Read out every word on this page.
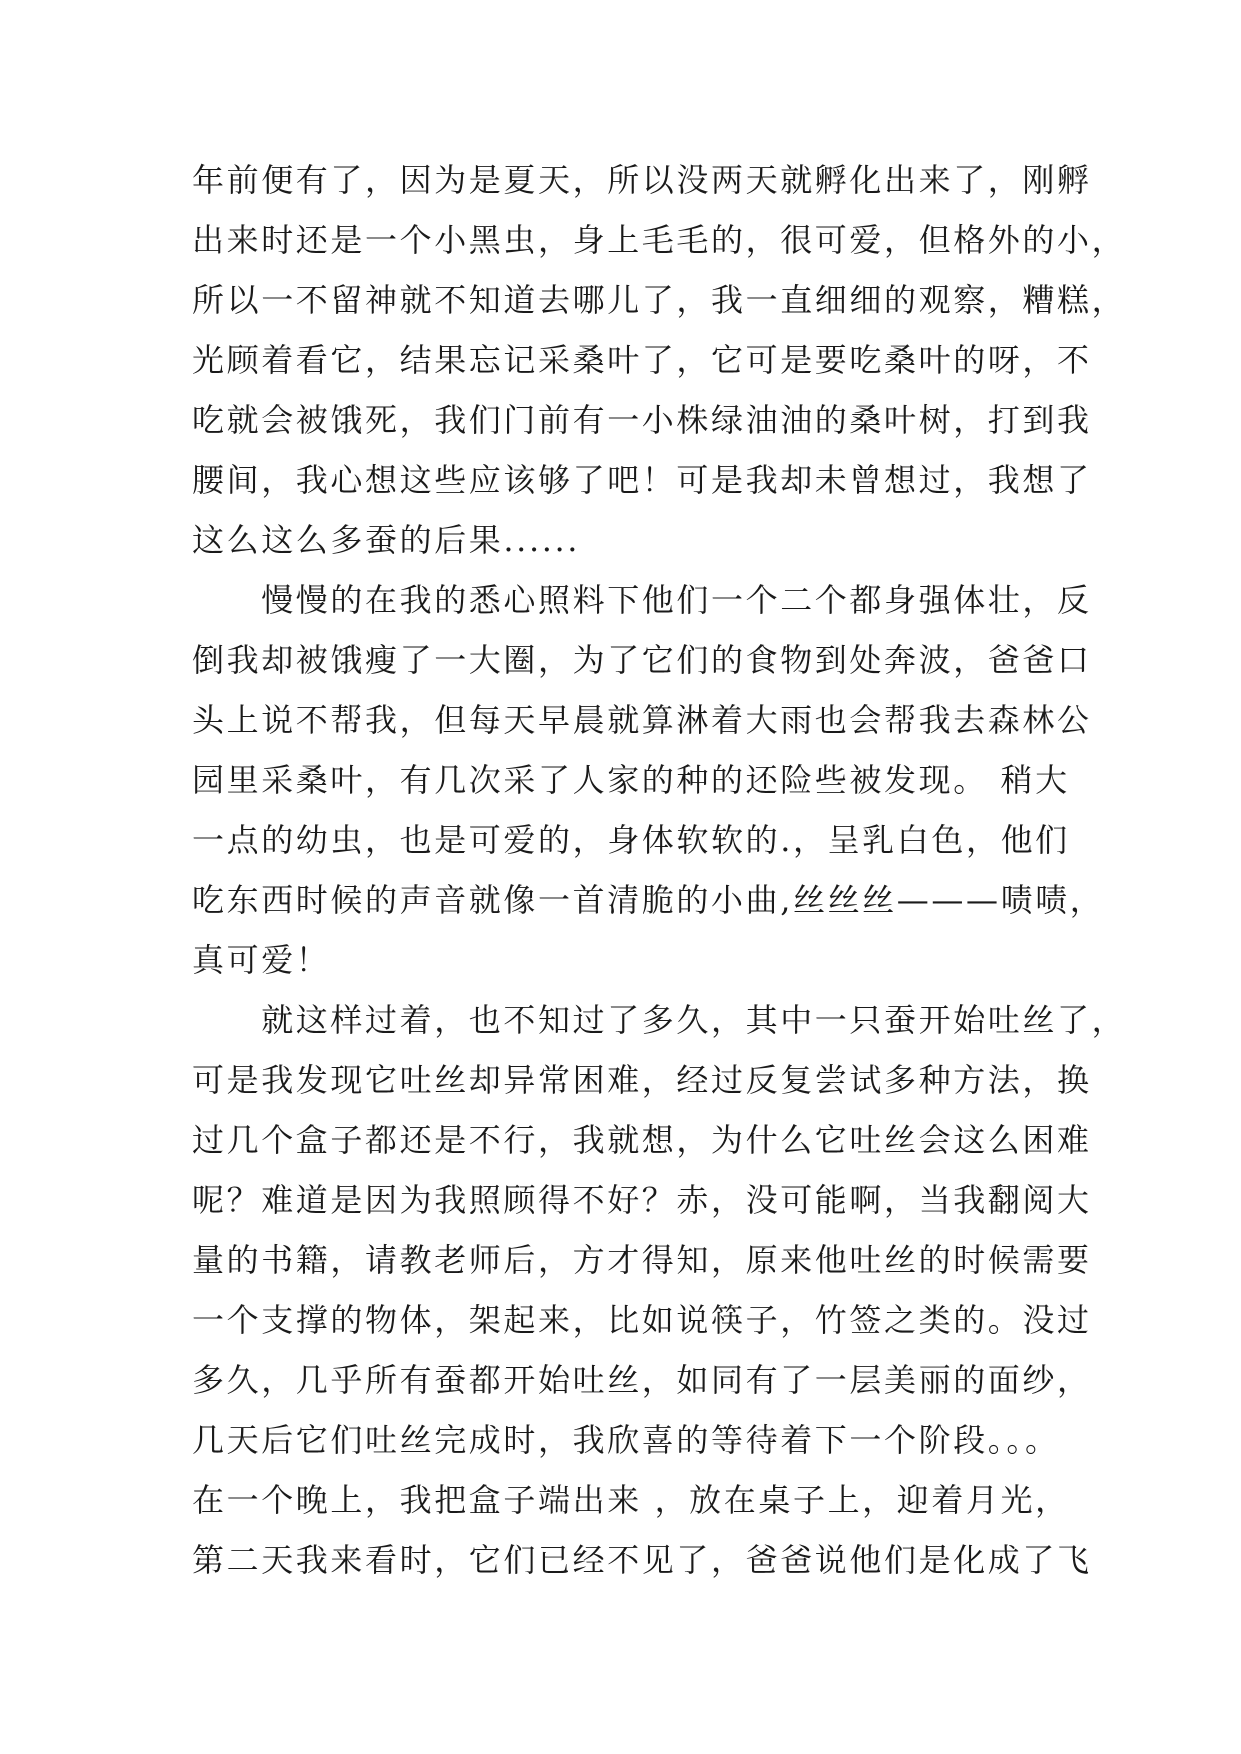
年前便有了，因为是夏天，所以没两天就孵化出来了，刚孵
出来时还是一个小黑虫，身上毛毛的，很可爱，但格外的小，
所以一不留神就不知道去哪儿了，我一直细细的观察，糟糕，
光顾着看它，结果忘记采桑叶了，它可是要吃桑叶的呀，不
吃就会被饿死，我们门前有一小株绿油油的桑叶树，打到我
腰间，我心想这些应该够了吧！可是我却未曾想过，我想了
这么这么多蚕的后果......
　　慢慢的在我的悉心照料下他们一个二个都身强体壮，反
倒我却被饿瘦了一大圈，为了它们的食物到处奔波，爸爸口
头上说不帮我，但每天早晨就算淋着大雨也会帮我去森林公
园里采桑叶，有几次采了人家的种的还险些被发现。 稍大
一点的幼虫，也是可爱的，身体软软的.，呈乳白色，他们
吃东西时候的声音就像一首清脆的小曲,丝丝丝———啧啧，
真可爱！
　　就这样过着，也不知过了多久，其中一只蚕开始吐丝了，
可是我发现它吐丝却异常困难，经过反复尝试多种方法，换
过几个盒子都还是不行，我就想，为什么它吐丝会这么困难
呢？难道是因为我照顾得不好？赤，没可能啊，当我翻阅大
量的书籍，请教老师后，方才得知，原来他吐丝的时候需要
一个支撑的物体，架起来，比如说筷子，竹签之类的。没过
多久，几乎所有蚕都开始吐丝，如同有了一层美丽的面纱，
几天后它们吐丝完成时，我欣喜的等待着下一个阶段。。。
在一个晚上，我把盒子端出来 ，放在桌子上，迎着月光，
第二天我来看时，它们已经不见了，爸爸说他们是化成了飞
